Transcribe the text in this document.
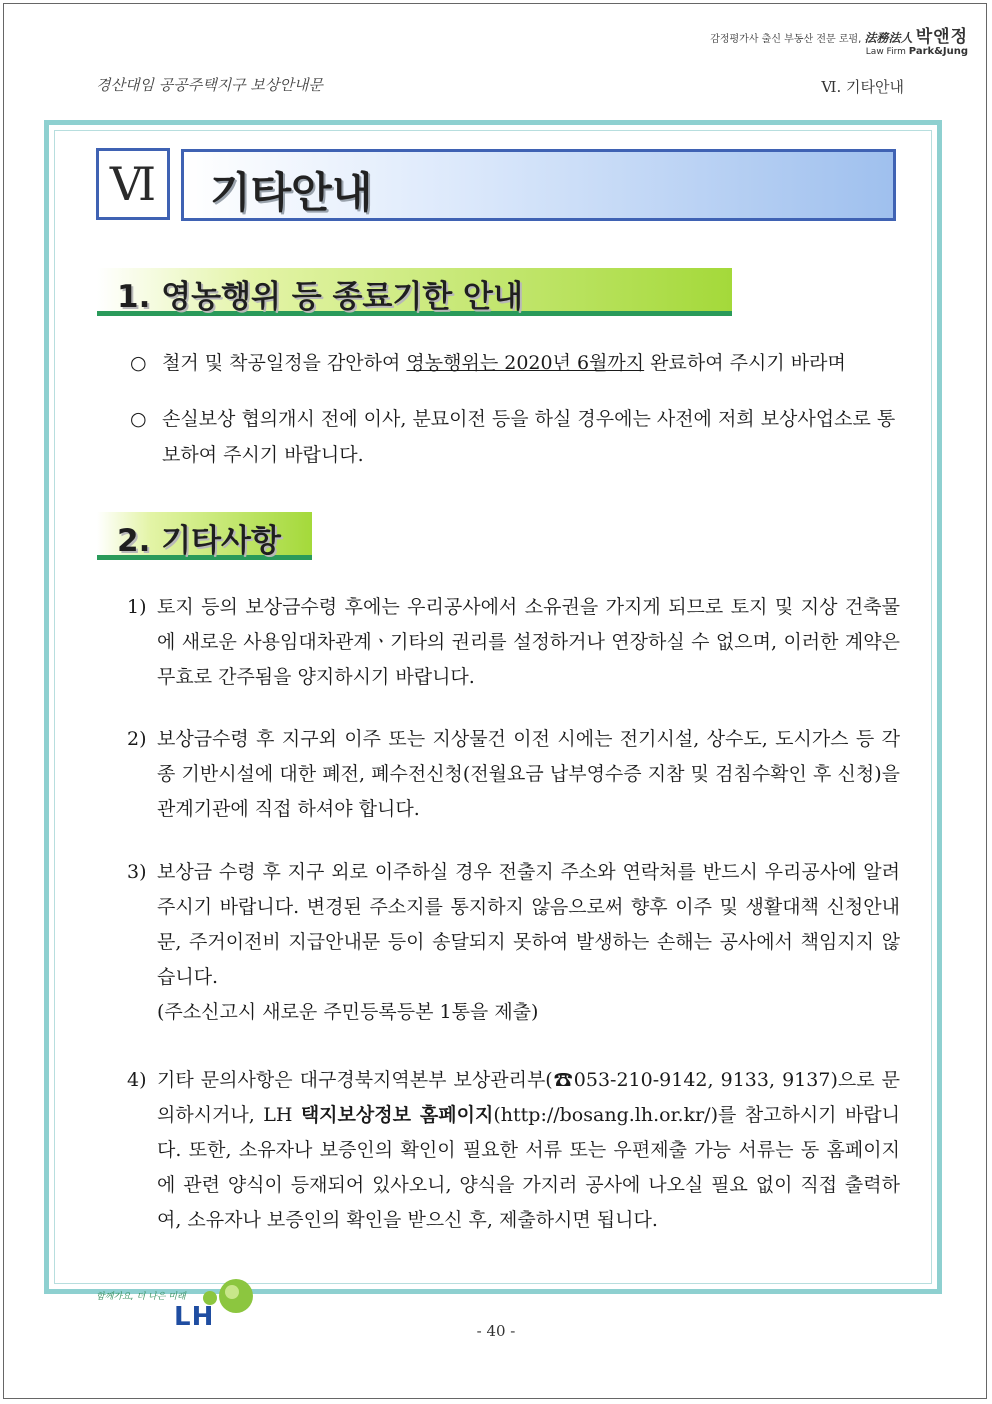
감정평가사 출신 부동산 전문 로펌, 法務法人 박앤정
Law Firm Park&Jung
경산대임 공공주택지구 보상안내문	Ⅵ. 기타안내
Ⅵ	기타안내
1. 영농행위 등 종료기한 안내
○ 철거 및 착공일정을 감안하여 영농행위는 2020년 6월까지 완료하여 주시기 바라며
○ 손실보상 협의개시 전에 이사, 분묘이전 등을 하실 경우에는 사전에 저희 보상사업소로 통보하여 주시기 바랍니다.
2. 기타사항
1) 토지 등의 보상금수령 후에는 우리공사에서 소유권을 가지게 되므로 토지 및 지상 건축물에 새로운 사용임대차관계ㆍ기타의 권리를 설정하거나 연장하실 수 없으며, 이러한 계약은 무효로 간주됨을 양지하시기 바랍니다.
2) 보상금수령 후 지구외 이주 또는 지상물건 이전 시에는 전기시설, 상수도, 도시가스 등 각종 기반시설에 대한 폐전, 폐수전신청(전월요금 납부영수증 지참 및 검침수확인 후 신청)을 관계기관에 직접 하셔야 합니다.
3) 보상금 수령 후 지구 외로 이주하실 경우 전출지 주소와 연락처를 반드시 우리공사에 알려 주시기 바랍니다. 변경된 주소지를 통지하지 않음으로써 향후 이주 및 생활대책 신청안내문, 주거이전비 지급안내문 등이 송달되지 못하여 발생하는 손해는 공사에서 책임지지 않습니다.
(주소신고시 새로운 주민등록등본 1통을 제출)
4) 기타 문의사항은 대구경북지역본부 보상관리부(☎053-210-9142, 9133, 9137)으로 문의하시거나, LH 택지보상정보 홈페이지(http://bosang.lh.or.kr/)를 참고하시기 바랍니다. 또한, 소유자나 보증인의 확인이 필요한 서류 또는 우편제출 가능 서류는 동 홈페이지에 관련 양식이 등재되어 있사오니, 양식을 가지러 공사에 나오실 필요 없이 직접 출력하여, 소유자나 보증인의 확인을 받으신 후, 제출하시면 됩니다.
함께가요, 더 나은 미래
LH	- 40 -
